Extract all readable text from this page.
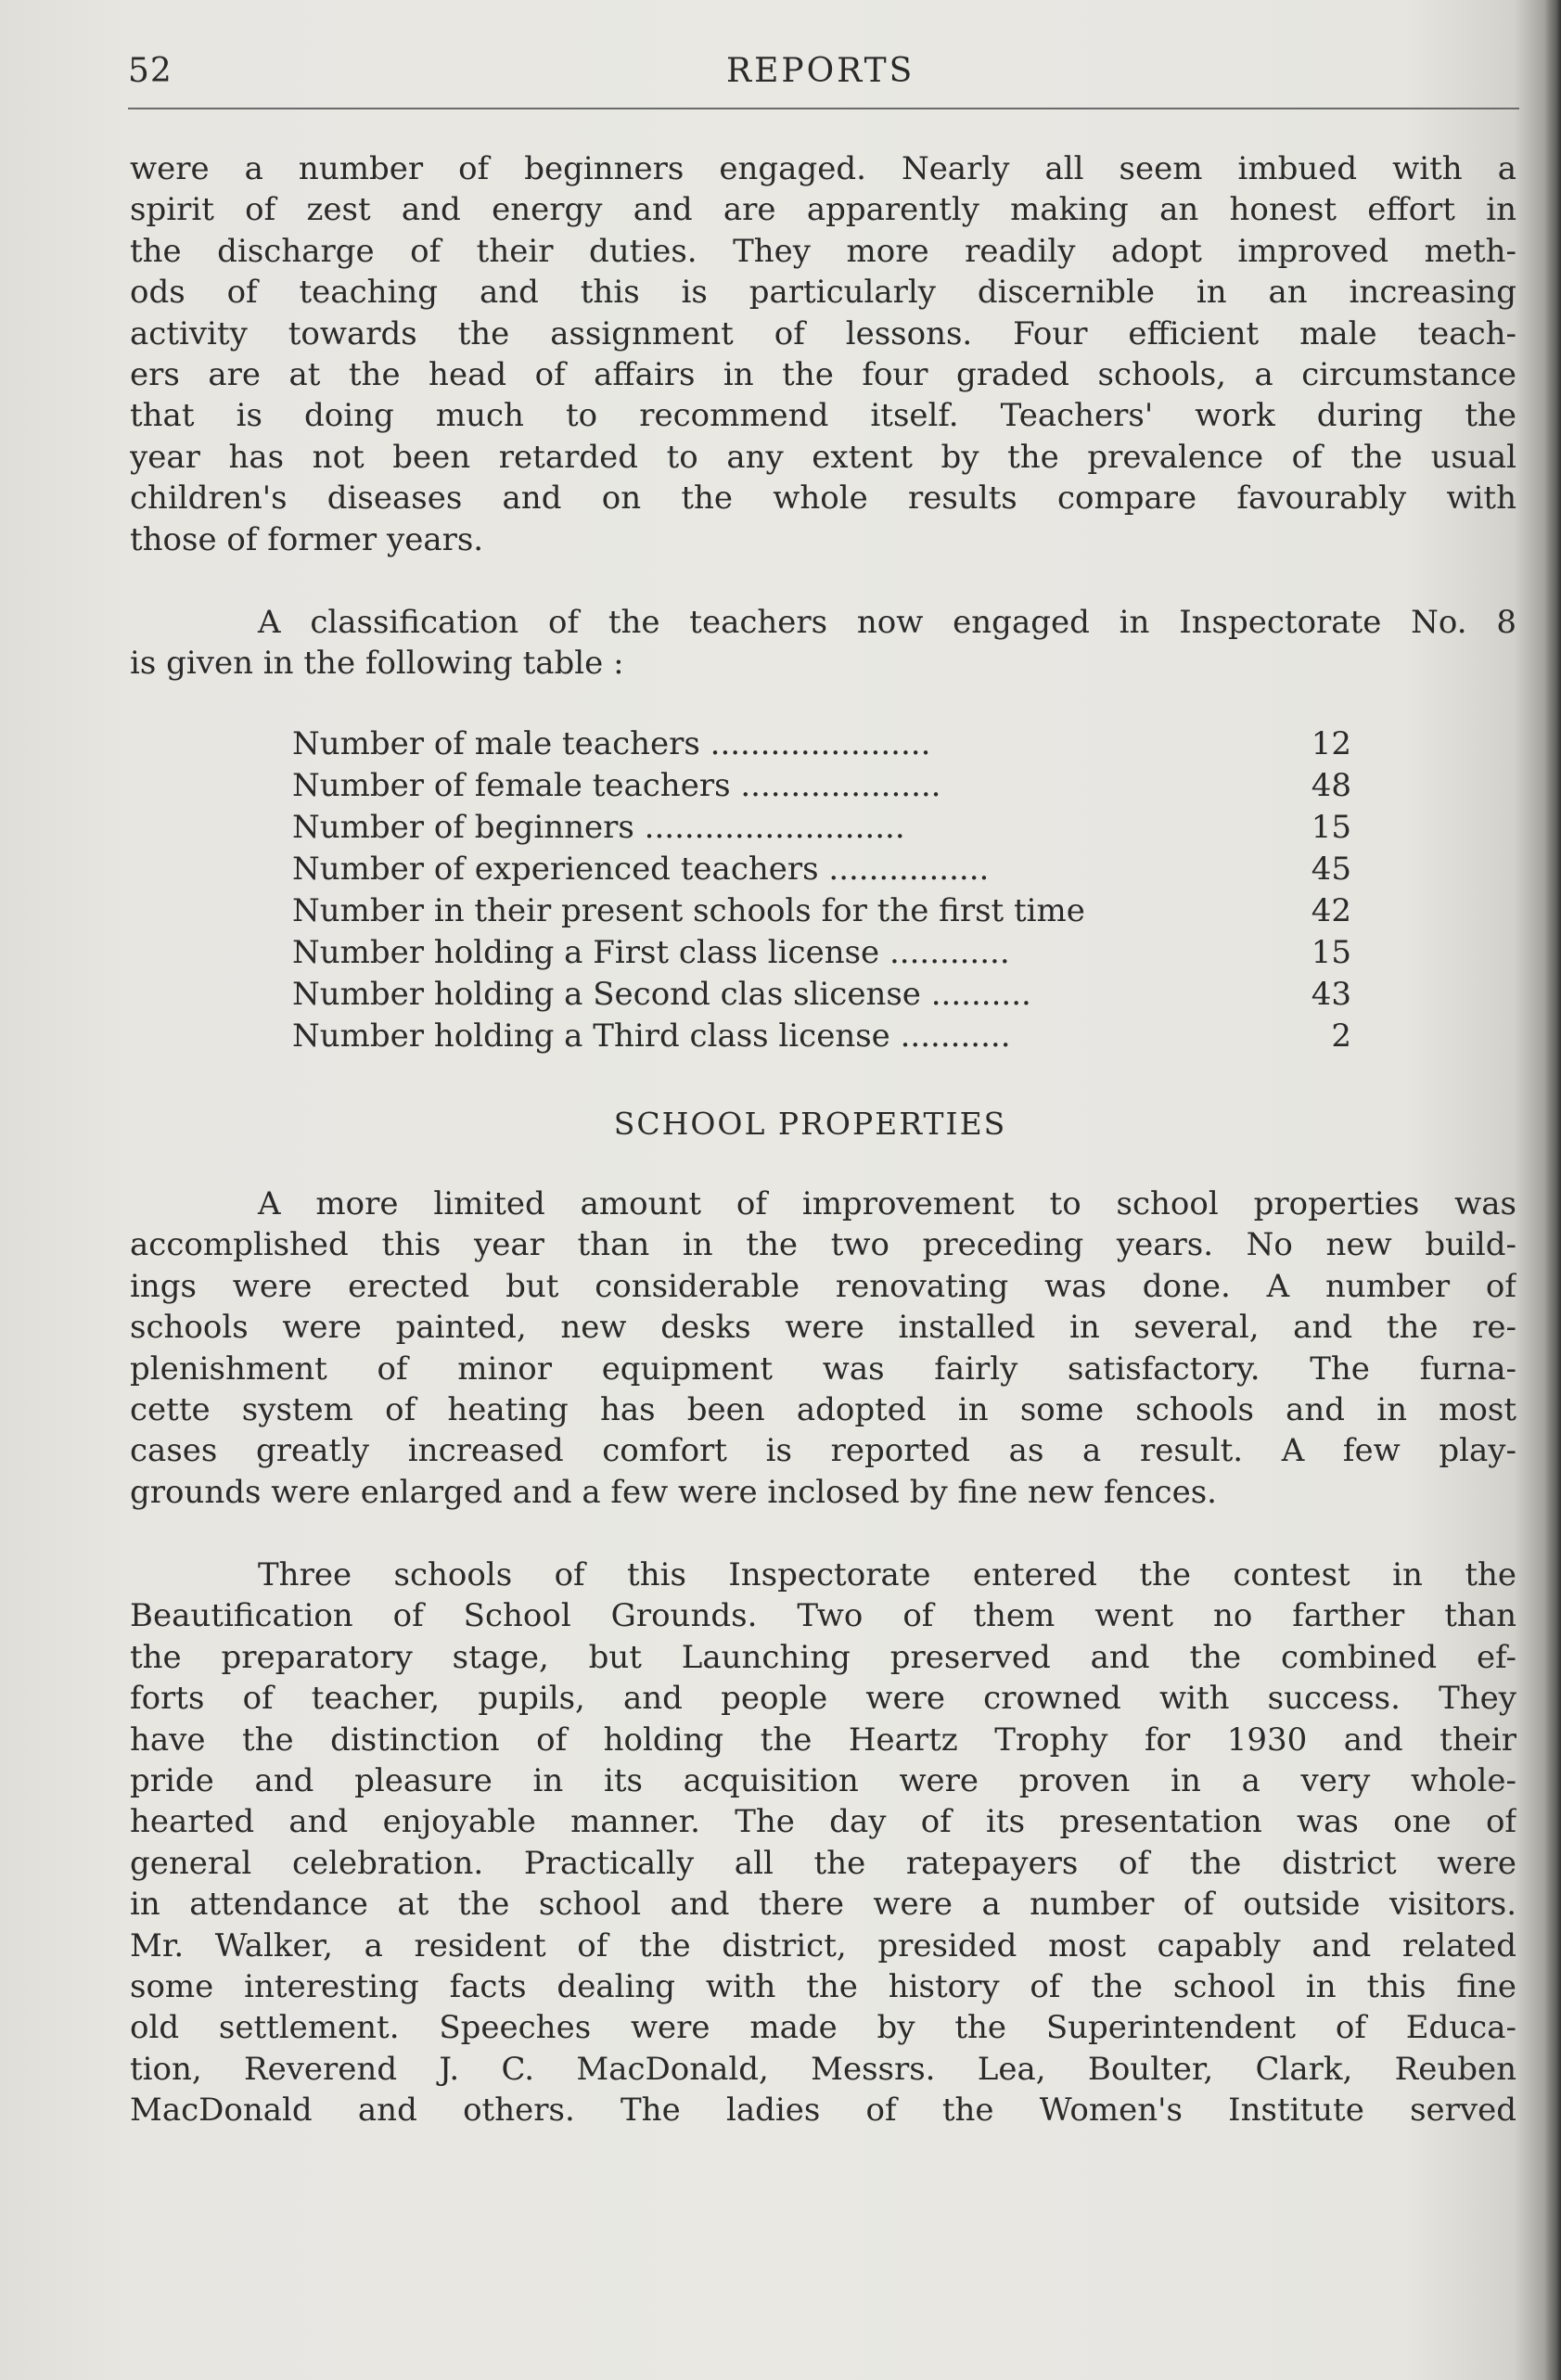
52	REPORTS
were a number of beginners engaged. Nearly all seem imbued with a
spirit of zest and energy and are apparently making an honest effort in
the discharge of their duties. They more readily adopt improved meth-
ods of teaching and this is particularly discernible in an increasing
activity towards the assignment of lessons. Four efficient male teach-
ers are at the head of affairs in the four graded schools, a circumstance
that is doing much to recommend itself. Teachers' work during the
year has not been retarded to any extent by the prevalence of the usual
children's diseases and on the whole results compare favourably with
those of former years.
A classification of the teachers now engaged in Inspectorate No. 8
is given in the following table :
Number of male teachers ......................	12
Number of female teachers ....................	48
Number of beginners ..........................	15
Number of experienced teachers ................	45
Number in their present schools for the first time	42
Number holding a First class license ............	15
Number holding a Second clas slicense ..........	43
Number holding a Third class license ...........	2
SCHOOL PROPERTIES
A more limited amount of improvement to school properties was
accomplished this year than in the two preceding years. No new build-
ings were erected but considerable renovating was done. A number of
schools were painted, new desks were installed in several, and the re-
plenishment of minor equipment was fairly satisfactory. The furna-
cette system of heating has been adopted in some schools and in most
cases greatly increased comfort is reported as a result. A few play-
grounds were enlarged and a few were inclosed by fine new fences.
Three schools of this Inspectorate entered the contest in the
Beautification of School Grounds. Two of them went no farther than
the preparatory stage, but Launching preserved and the combined ef-
forts of teacher, pupils, and people were crowned with success. They
have the distinction of holding the Heartz Trophy for 1930 and their
pride and pleasure in its acquisition were proven in a very whole-
hearted and enjoyable manner. The day of its presentation was one of
general celebration. Practically all the ratepayers of the district were
in attendance at the school and there were a number of outside visitors.
Mr. Walker, a resident of the district, presided most capably and related
some interesting facts dealing with the history of the school in this fine
old settlement. Speeches were made by the Superintendent of Educa-
tion, Reverend J. C. MacDonald, Messrs. Lea, Boulter, Clark, Reuben
MacDonald and others. The ladies of the Women's Institute served
